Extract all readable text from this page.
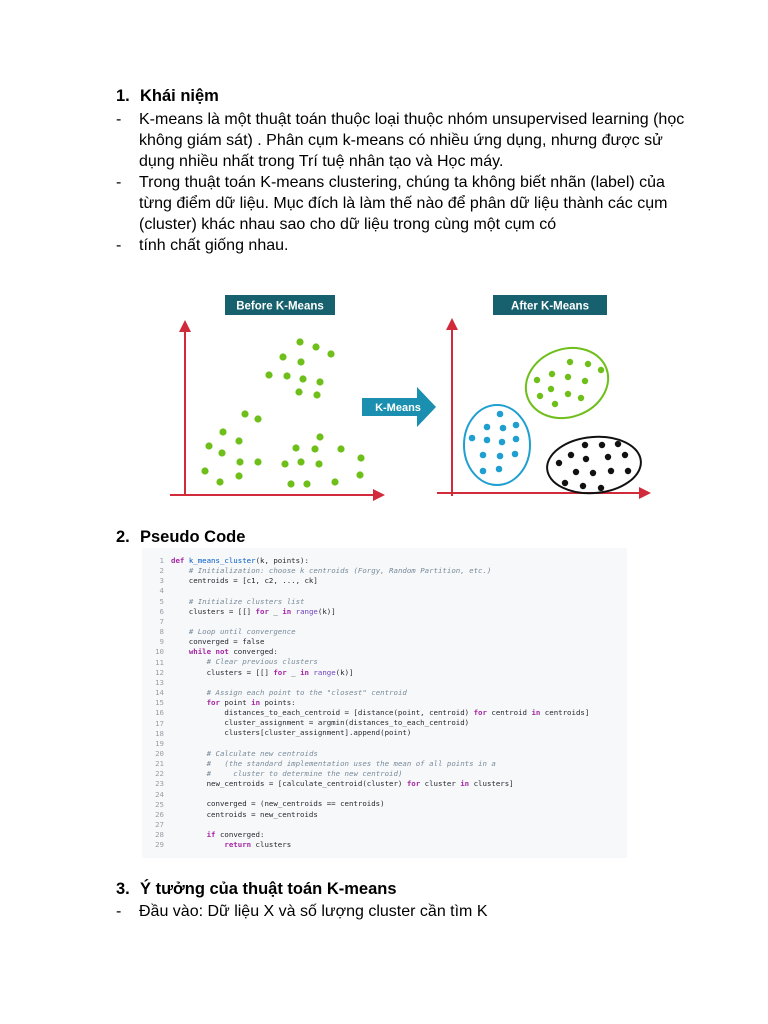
1. Khái niệm
- K-means là một thuật toán thuộc loại thuộc nhóm unsupervised learning (học không giám sát) . Phân cụm k-means có nhiều ứng dụng, nhưng được sử dụng nhiều nhất trong Trí tuệ nhân tạo và Học máy.
- Trong thuật toán K-means clustering, chúng ta không biết nhãn (label) của từng điểm dữ liệu. Mục đích là làm thế nào để phân dữ liệu thành các cụm (cluster) khác nhau sao cho dữ liệu trong cùng một cụm có
- tính chất giống nhau.
Before K-Means	After K-Means
K-Means
2. Pseudo Code
1
2
3
4
5
6
7
8
9
10
11
12
13
14
15
16
17
18
19
20
21
22
23
24
25
26
27
28
29
def k_means_cluster(k, points):
# Initialization: choose k centroids (Forgy, Random Partition, etc.)
centroids = [c1, c2, ..., ck]

# Initialize clusters list
clusters = [[] for _ in range(k)]

# Loop until convergence
converged = false
while not converged:
# Clear previous clusters
clusters = [[] for _ in range(k)]

# Assign each point to the "closest" centroid
for point in points:
distances_to_each_centroid = [distance(point, centroid) for centroid in centroids]
cluster_assignment = argmin(distances_to_each_centroid)
clusters[cluster_assignment].append(point)

# Calculate new centroids
#   (the standard implementation uses the mean of all points in a
#     cluster to determine the new centroid)
new_centroids = [calculate_centroid(cluster) for cluster in clusters]

converged = (new_centroids == centroids)
centroids = new_centroids

if converged:
return clusters
3. Ý tưởng của thuật toán K-means
- Đầu vào: Dữ liệu X và số lượng cluster cần tìm K
